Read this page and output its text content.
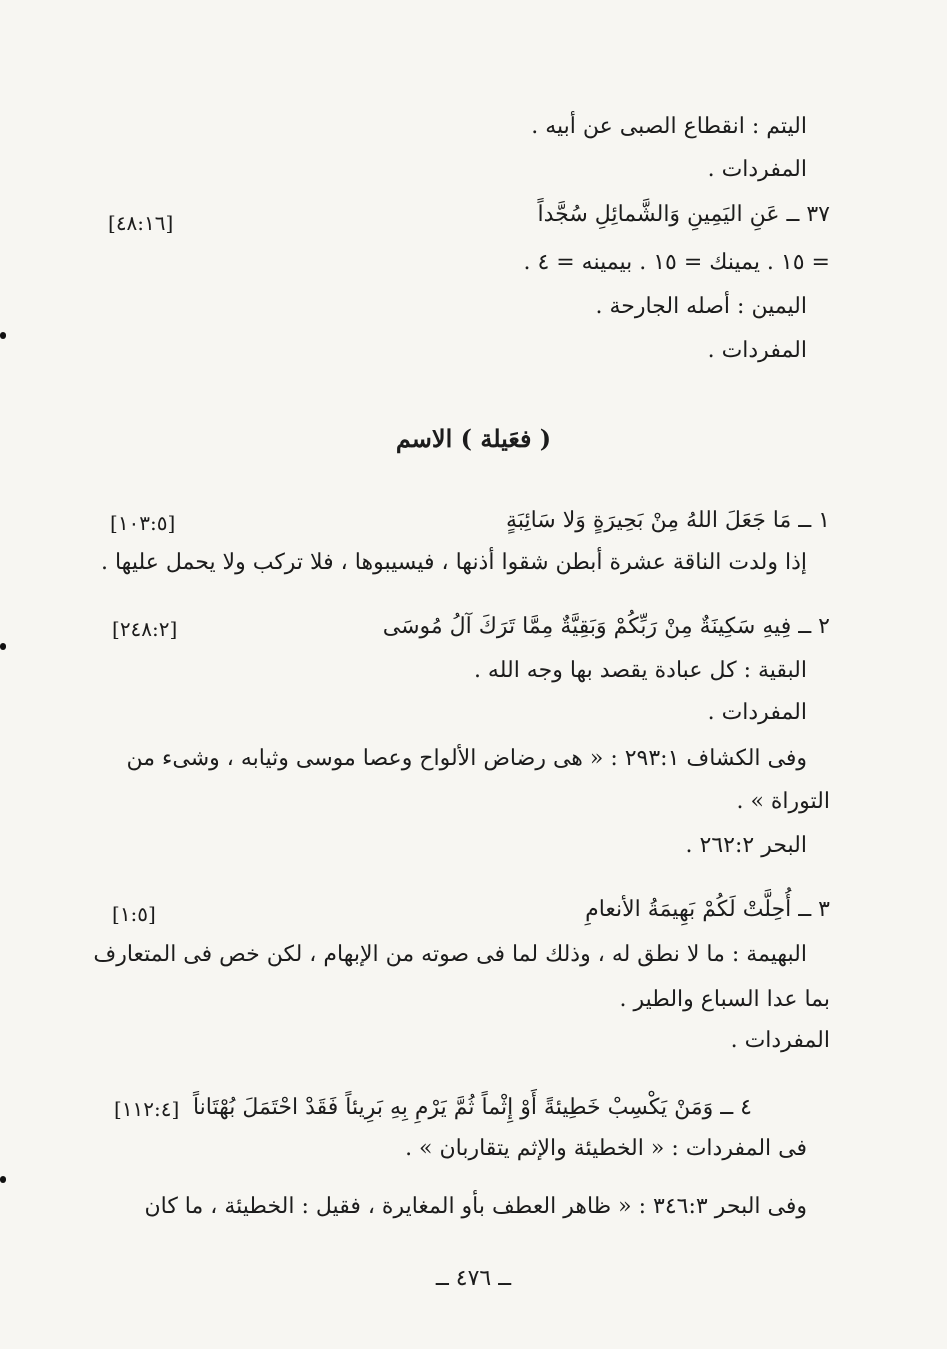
اليتم : انقطاع الصبى عن أبيه .
المفردات .
٣٧ ــ عَنِ اليَمِينِ وَالشَّمائِلِ سُجَّداً
[٤٨:١٦]
= ١٥ . يمينك = ١٥ . بيمينه = ٤ .
اليمين : أصله الجارحة .
المفردات .
( فعَيلة ) الاسم
١ ــ مَا جَعَلَ اللهُ مِنْ بَحِيرَةٍ وَلا سَائِبَةٍ
[١٠٣:٥]
إذا ولدت الناقة عشرة أبطن شقوا أذنها ، فيسيبوها ، فلا تركب ولا يحمل عليها .
٢ ــ فِيهِ سَكِينَةٌ مِنْ رَبِّكُمْ وَبَقِيَّةٌ مِمَّا تَرَكَ آلُ مُوسَى
[٢٤٨:٢]
البقية : كل عبادة يقصد بها وجه الله .
المفردات .
وفى الكشاف ٢٩٣:١ : « هى رضاض الألواح وعصا موسى وثيابه ، وشىء من
التوراة » .
البحر ٢٦٢:٢ .
٣ ــ أُحِلَّتْ لَكُمْ بَهِيمَةُ الأنعامِ
[١:٥]
البهيمة : ما لا نطق له ، وذلك لما فى صوته من الإبهام ، لكن خص فى المتعارف
بما عدا السباع والطير .
المفردات .
٤ ــ وَمَنْ يَكْسِبْ خَطِيئةً أَوْ إِثْماً ثُمَّ يَرْمِ بِهِ بَرِيئاً فَقَدْ احْتَمَلَ بُهْتَاناً
[١١٢:٤]
فى المفردات : « الخطيئة والإثم يتقاربان » .
وفى البحر ٣٤٦:٣ : « ظاهر العطف بأو المغايرة ، فقيل : الخطيئة ، ما كان
ــ ٤٧٦ ــ
